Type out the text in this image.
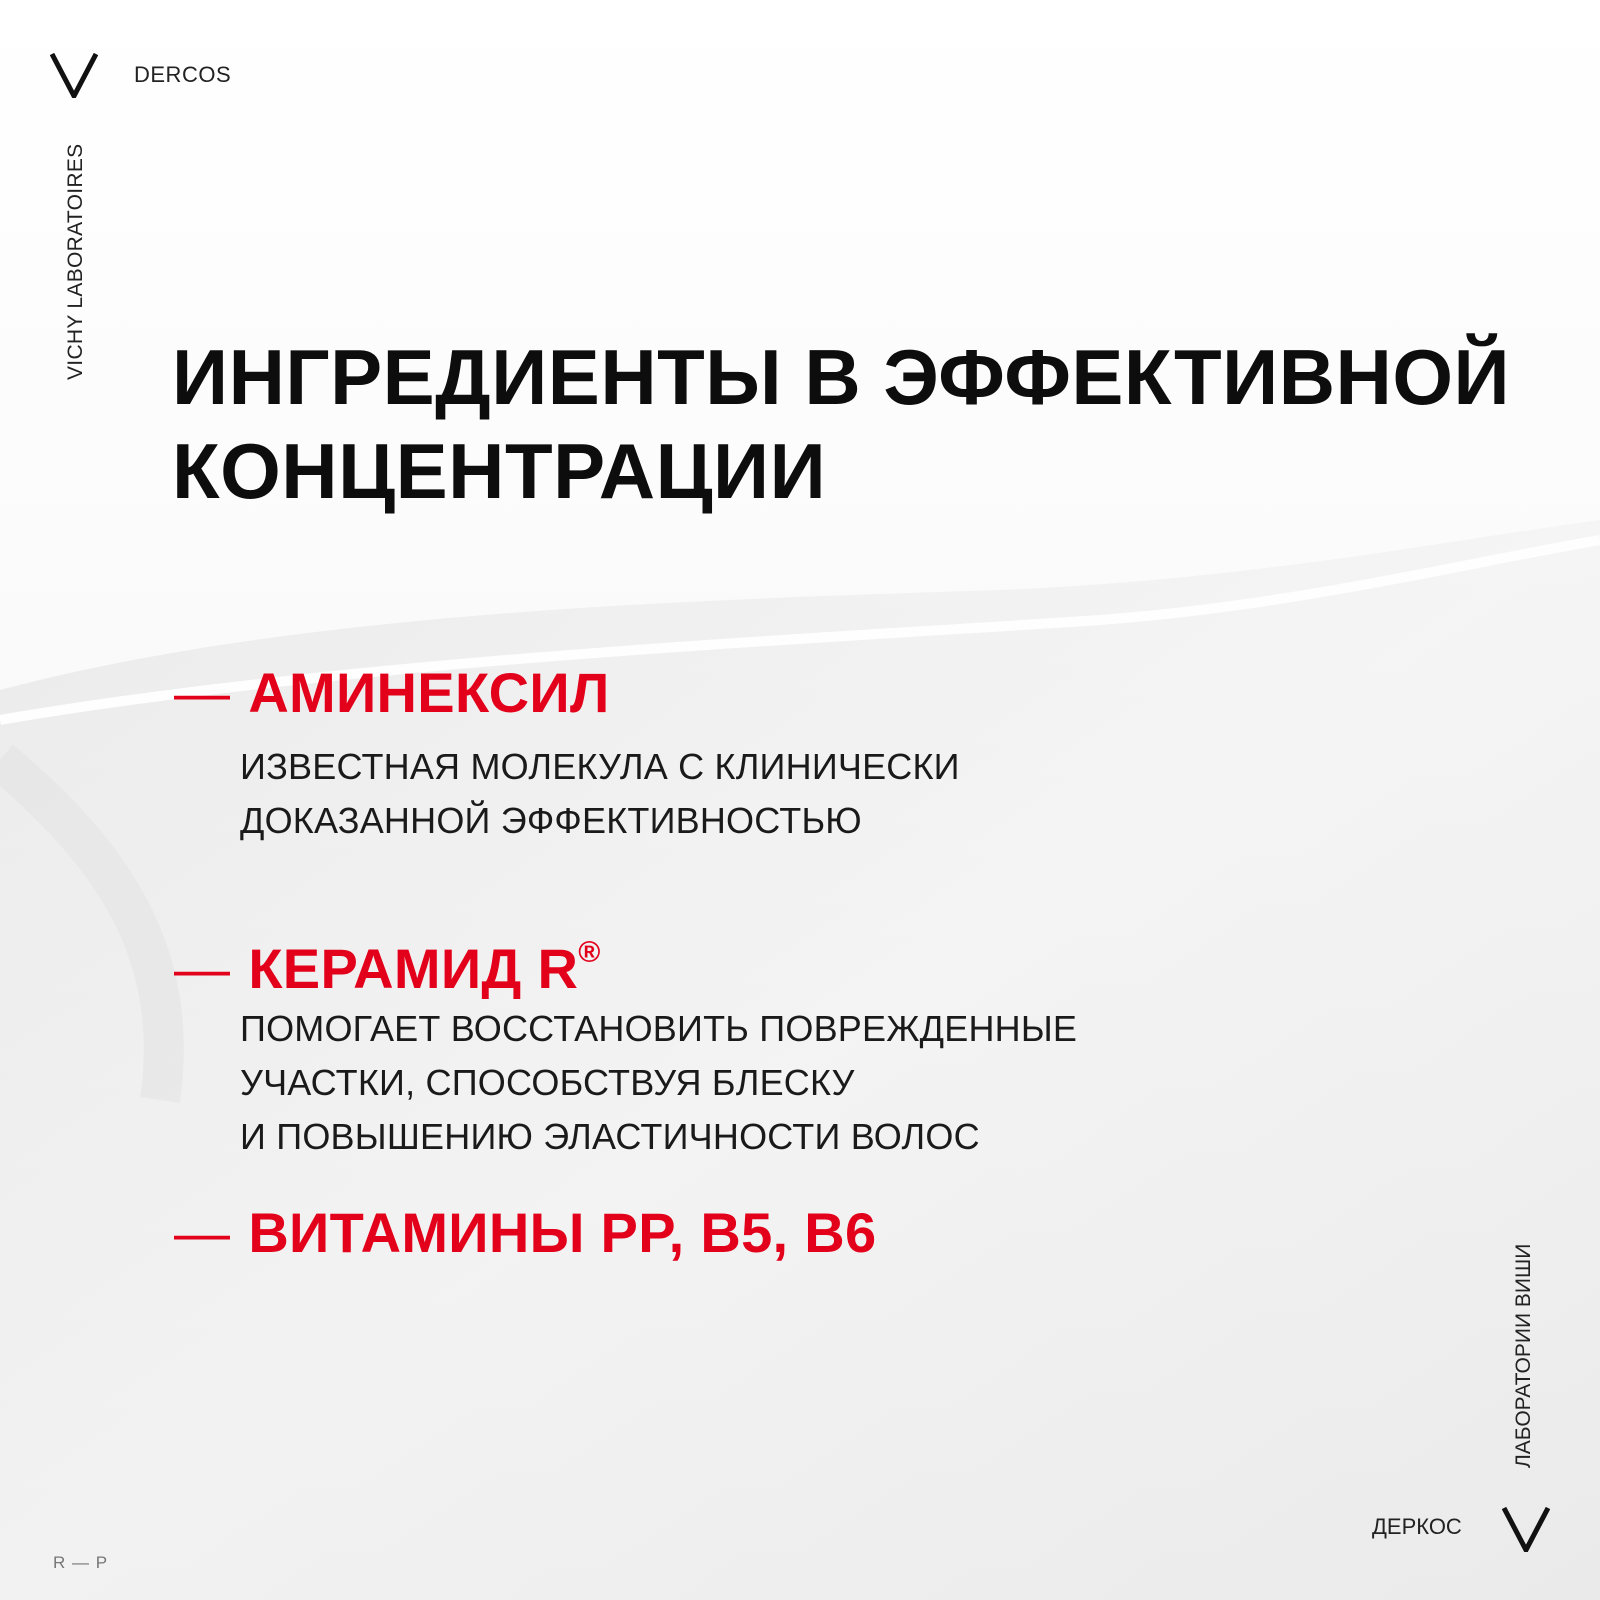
DERCOS
VICHY LABORATOIRES ИНГРЕДИЕНТЫ В ЭФФЕКТИВНОЙ
КОНЦЕНТРАЦИИ
— АМИНЕКСИЛ
ИЗВЕСТНАЯ МОЛЕКУЛА С КЛИНИЧЕСКИ
ДОКАЗАННОЙ ЭФФЕКТИВНОСТЬЮ
— КЕРАМИД R®
ПОМОГАЕТ ВОССТАНОВИТЬ ПОВРЕЖДЕННЫЕ
УЧАСТКИ, СПОСОБСТВУЯ БЛЕСКУ
И ПОВЫШЕНИЮ ЭЛАСТИЧНОСТИ ВОЛОС
— ВИТАМИНЫ PP, B5, B6
ЛАБОРАТОРИИ ВИШИ
ДЕРКОС
R — P
